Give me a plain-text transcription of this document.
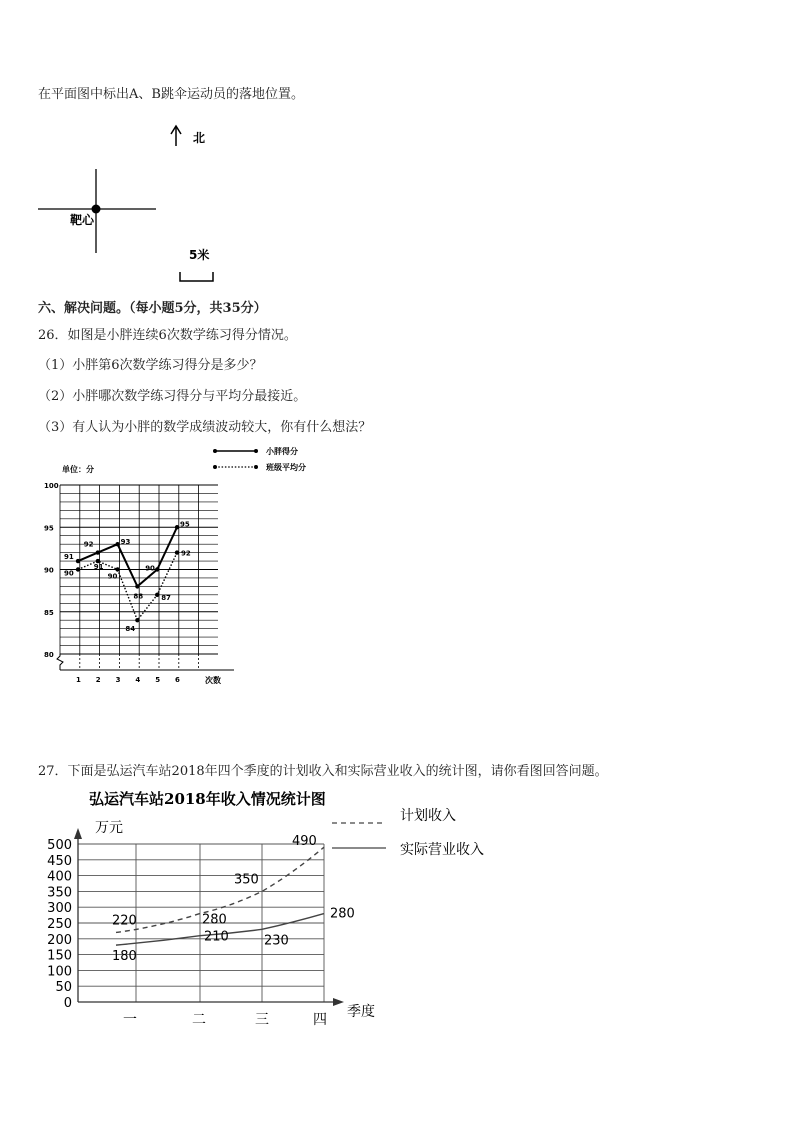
在平面图中标出A、B跳伞运动员的落地位置。
北
靶心
5米
六、解决问题。（每小题5分，共35分）
26．如图是小胖连续6次数学练习得分情况。
（1）小胖第6次数学练习得分是多少？
（2）小胖哪次数学练习得分与平均分最接近。
（3）有人认为小胖的数学成绩波动较大，你有什么想法？
单位：分
80
85
90
95
100
1 2 3 4 5 6	次数
91
92	93
88
90
95
90
91
90
84
87
92
小胖得分
班级平均分
27．下面是弘运汽车站2018年四个季度的计划收入和实际营业收入的统计图，请你看图回答问题。
弘运汽车站2018年收入情况统计图
万元
0
50
100
150
200
250
300
350
400
450
500
一	二	三	四 季度
220	280
350
490
180
210	230
280
计划收入
实际营业收入
